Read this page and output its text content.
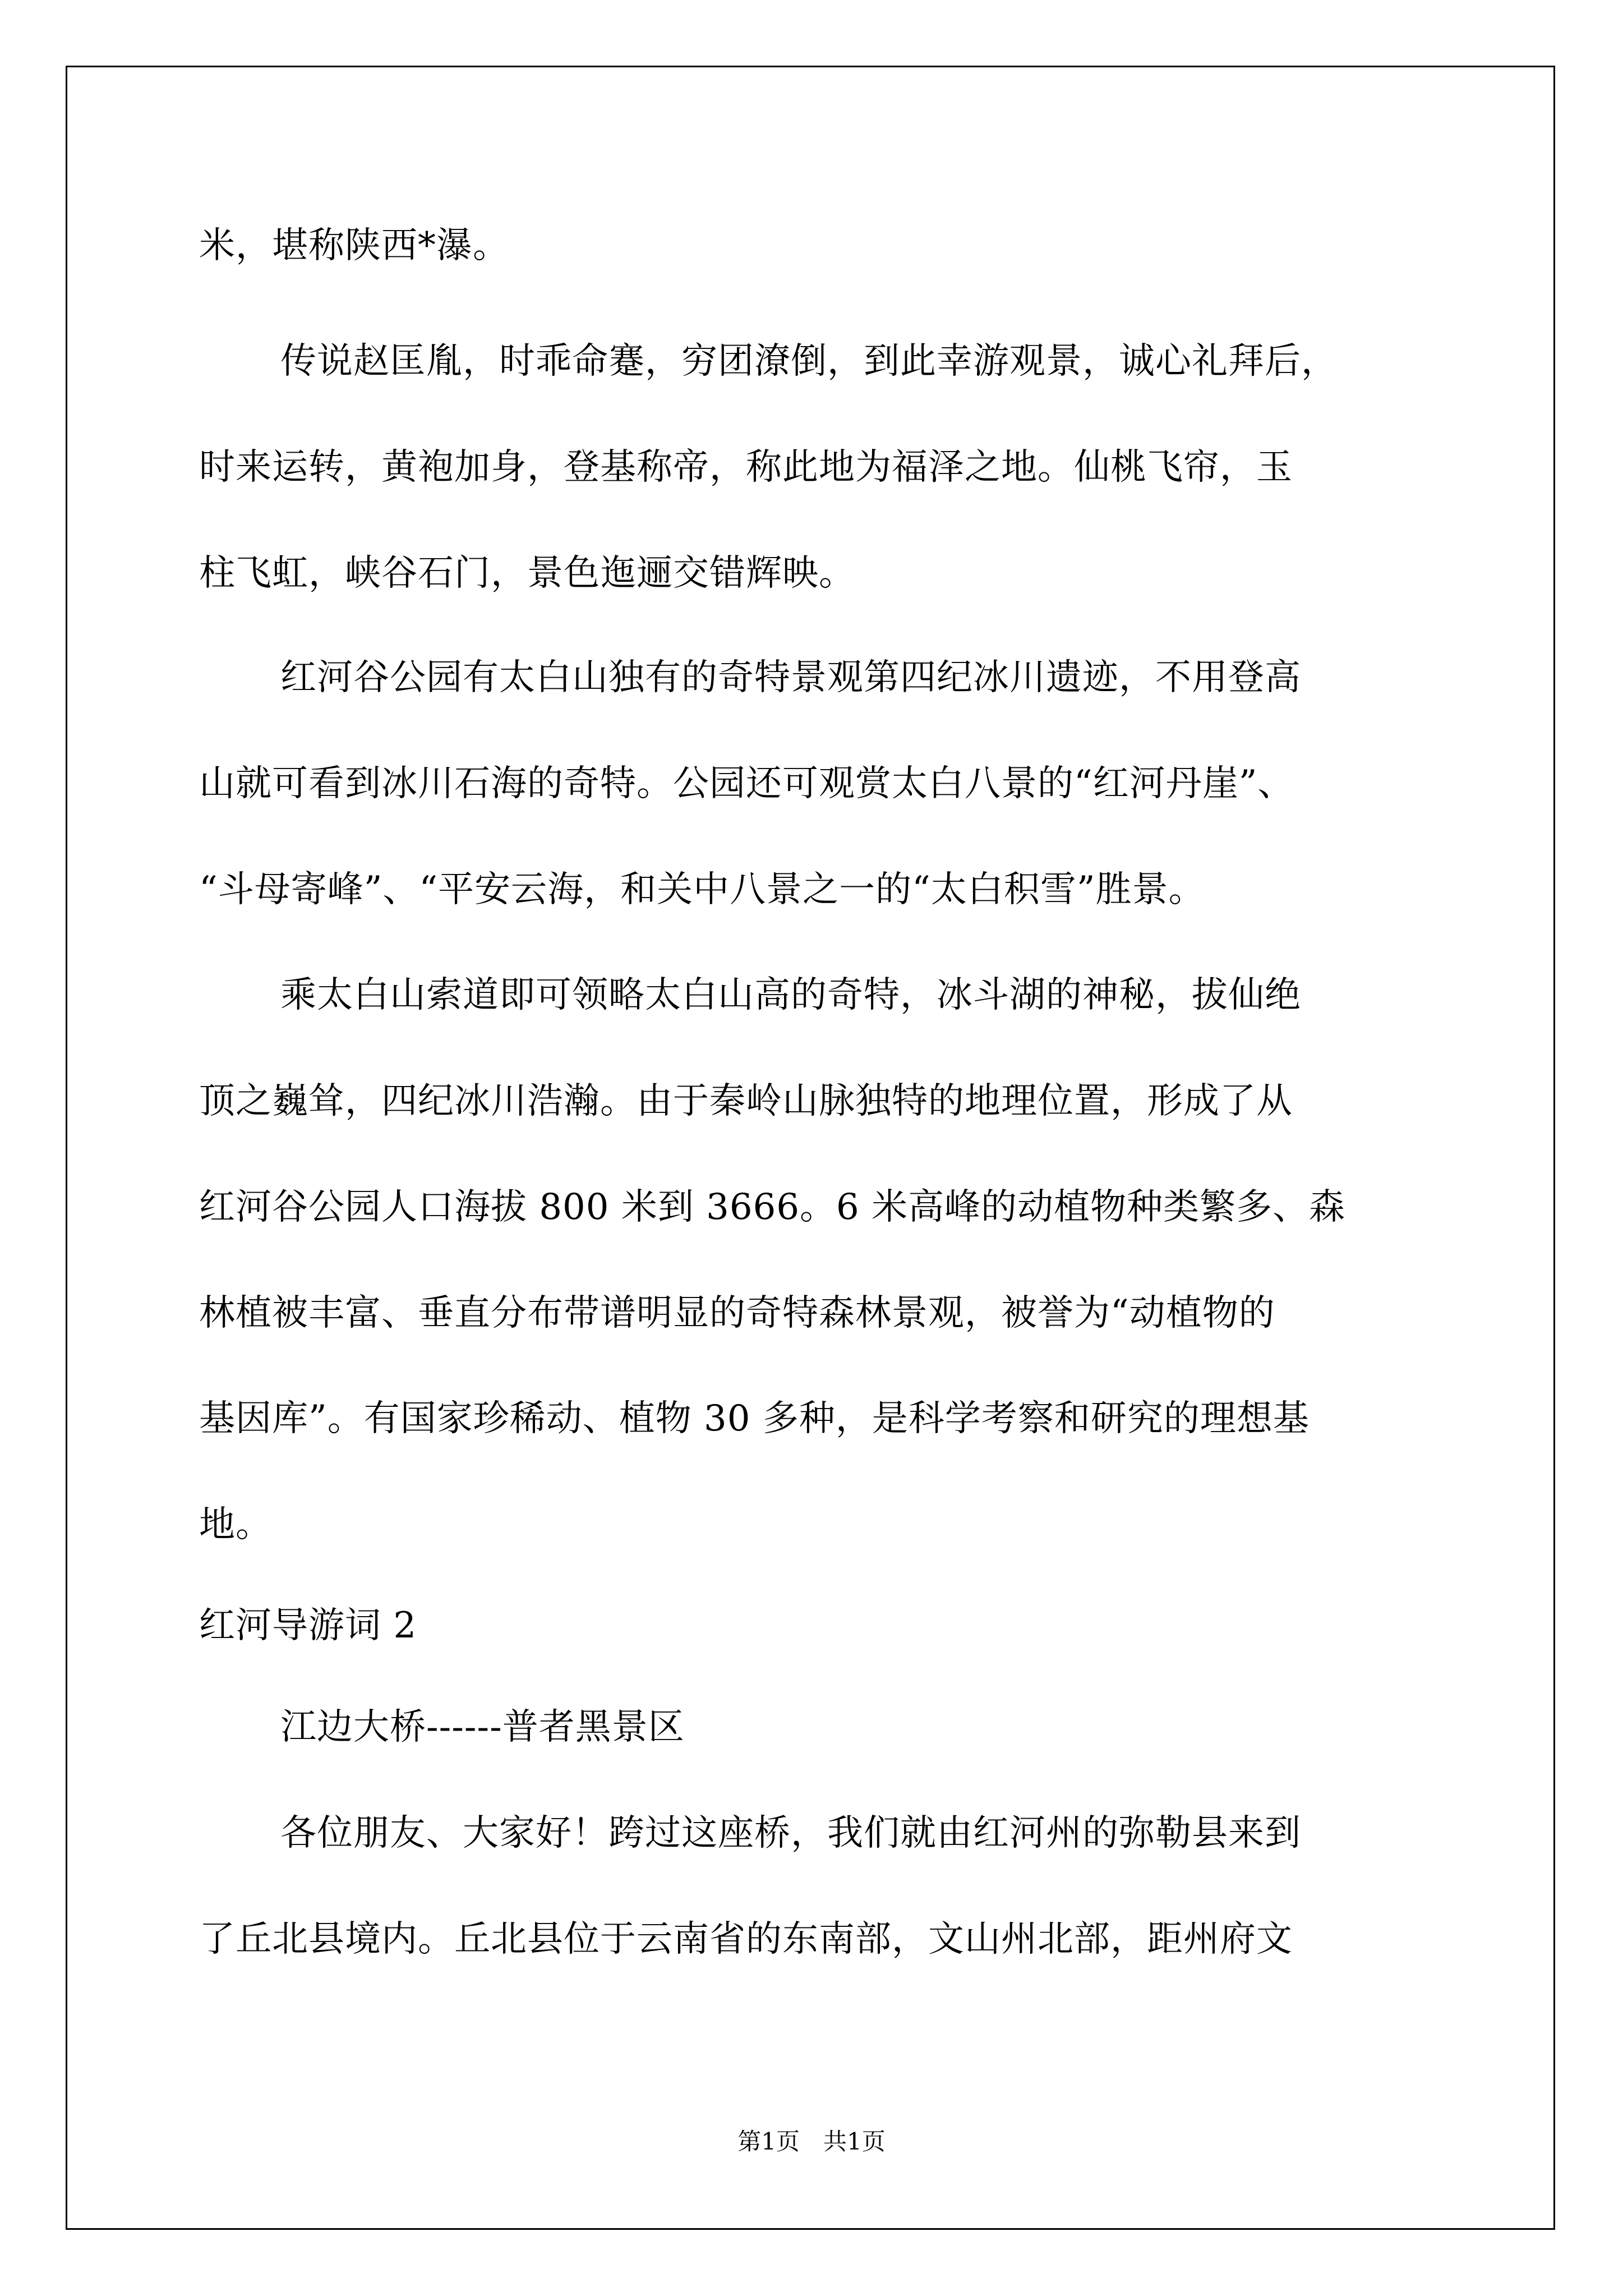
米，堪称陕西*瀑。
传说赵匡胤，时乖命蹇，穷团潦倒，到此幸游观景，诚心礼拜后，
时来运转，黄袍加身，登基称帝，称此地为福泽之地。仙桃飞帘，玉
柱飞虹，峡谷石门，景色迤逦交错辉映。
红河谷公园有太白山独有的奇特景观第四纪冰川遗迹，不用登高
山就可看到冰川石海的奇特。公园还可观赏太白八景的“红河丹崖”、
“斗母寄峰”、“平安云海，和关中八景之一的“太白积雪”胜景。
乘太白山索道即可领略太白山高的奇特，冰斗湖的神秘，拔仙绝
顶之巍耸，四纪冰川浩瀚。由于秦岭山脉独特的地理位置，形成了从
红河谷公园人口海拔 800 米到 3666。6 米高峰的动植物种类繁多、森
林植被丰富、垂直分布带谱明显的奇特森林景观，被誉为“动植物的
基因库”。有国家珍稀动、植物 30 多种，是科学考察和研究的理想基
地。
红河导游词 2
江边大桥------普者黑景区
各位朋友、大家好！跨过这座桥，我们就由红河州的弥勒县来到
了丘北县境内。丘北县位于云南省的东南部，文山州北部，距州府文
第1页　共1页
